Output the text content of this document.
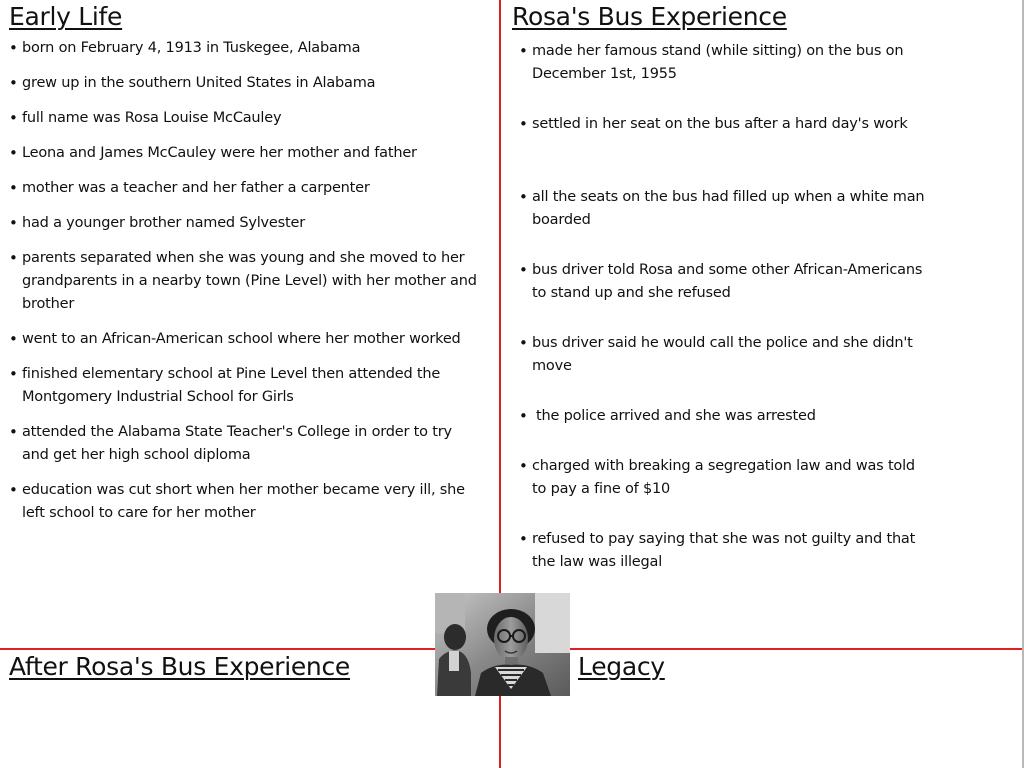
Early Life
• born on February 4, 1913 in Tuskegee, Alabama
• grew up in the southern United States in Alabama
• full name was Rosa Louise McCauley
• Leona and James McCauley were her mother and father
• mother was a teacher and her father a carpenter
• had a younger brother named Sylvester
• parents separated when she was young and she moved to her grandparents in a nearby town (Pine Level) with her mother and brother
• went to an African-American school where her mother worked
• finished elementary school at Pine Level then attended the Montgomery Industrial School for Girls
• attended the Alabama State Teacher's College in order to try and get her high school diploma
• education was cut short when her mother became very ill, she left school to care for her mother
Rosa's Bus Experience
• made her famous stand (while sitting) on the bus on December 1st, 1955
• settled in her seat on the bus after a hard day's work
• all the seats on the bus had filled up when a white man boarded
• bus driver told Rosa and some other African-Americans to stand up and she refused
• bus driver said he would call the police and she didn't move
• the police arrived and she was arrested
• charged with breaking a segregation law and was told to pay a fine of $10
• refused to pay saying that she was not guilty and that the law was illegal
After Rosa's Bus Experience	Legacy
